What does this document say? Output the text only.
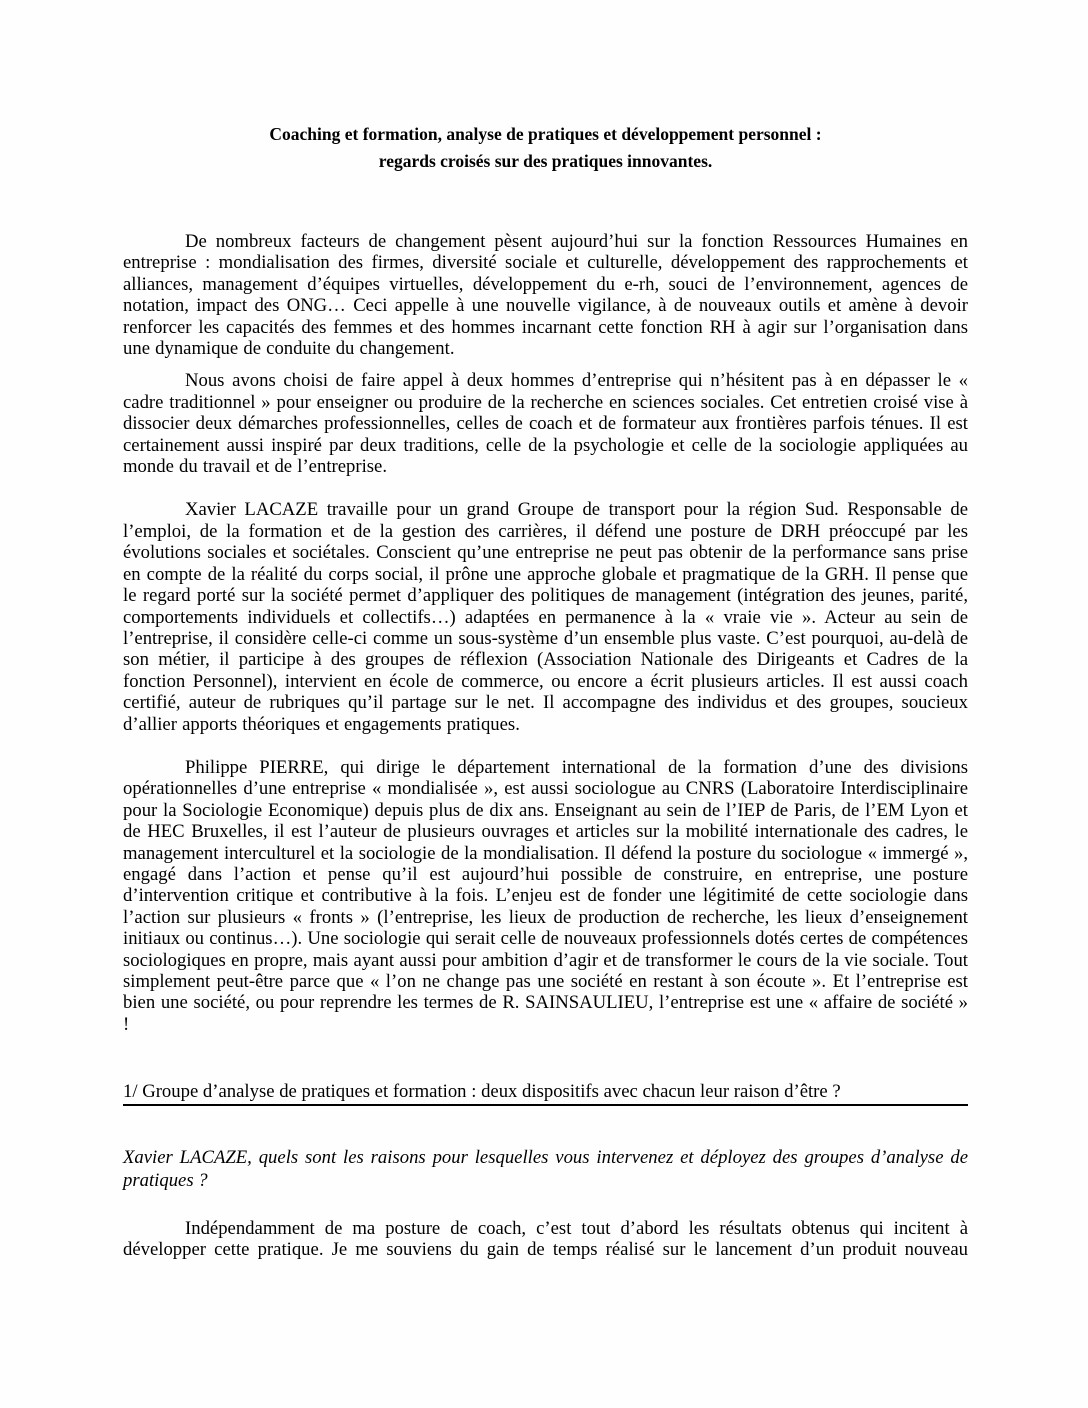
Coaching et formation, analyse de pratiques et développement personnel :
regards croisés sur des pratiques innovantes.

De nombreux facteurs de changement pèsent aujourd’hui sur la fonction Ressources Humaines en entreprise : mondialisation des firmes, diversité sociale et culturelle, développement des rapprochements et alliances, management d’équipes virtuelles, développement du e-rh, souci de l’environnement, agences de notation, impact des ONG… Ceci appelle à une nouvelle vigilance, à de nouveaux outils et amène à devoir renforcer les capacités des femmes et des hommes incarnant cette fonction RH à agir sur l’organisation dans une dynamique de conduite du changement.

Nous avons choisi de faire appel à deux hommes d’entreprise qui n’hésitent pas à en dépasser le « cadre traditionnel » pour enseigner ou produire de la recherche en sciences sociales. Cet entretien croisé vise à dissocier deux démarches professionnelles, celles de coach et de formateur aux frontières parfois ténues. Il est certainement aussi inspiré par deux traditions, celle de la psychologie et celle de la sociologie appliquées au monde du travail et de l’entreprise.

Xavier LACAZE travaille pour un grand Groupe de transport pour la région Sud. Responsable de l’emploi, de la formation et de la gestion des carrières, il défend une posture de DRH préoccupé par les évolutions sociales et sociétales. Conscient qu’une entreprise ne peut pas obtenir de la performance sans prise en compte de la réalité du corps social, il prône une approche globale et pragmatique de la GRH. Il pense que le regard porté sur la société permet d’appliquer des politiques de management (intégration des jeunes, parité, comportements individuels et collectifs…) adaptées en permanence à la « vraie vie ». Acteur au sein de l’entreprise, il considère celle-ci comme un sous-système d’un ensemble plus vaste. C’est pourquoi, au-delà de son métier, il participe à des groupes de réflexion (Association Nationale des Dirigeants et Cadres de la fonction Personnel), intervient en école de commerce, ou encore a écrit plusieurs articles. Il est aussi coach certifié, auteur de rubriques qu’il partage sur le net. Il accompagne des individus et des groupes, soucieux d’allier apports théoriques et engagements pratiques.

Philippe PIERRE, qui dirige le département international de la formation d’une des divisions opérationnelles d’une entreprise « mondialisée », est aussi sociologue au CNRS (Laboratoire Interdisciplinaire pour la Sociologie Economique) depuis plus de dix ans. Enseignant au sein de l’IEP de Paris, de l’EM Lyon et de HEC Bruxelles, il est l’auteur de plusieurs ouvrages et articles sur la mobilité internationale des cadres, le management interculturel et la sociologie de la mondialisation. Il défend la posture du sociologue « immergé », engagé dans l’action et pense qu’il est aujourd’hui possible de construire, en entreprise, une posture d’intervention critique et contributive à la fois. L’enjeu est de fonder une légitimité de cette sociologie dans l’action sur plusieurs « fronts » (l’entreprise, les lieux de production de recherche, les lieux d’enseignement initiaux ou continus…). Une sociologie qui serait celle de nouveaux professionnels dotés certes de compétences sociologiques en propre, mais ayant aussi pour ambition d’agir et de transformer le cours de la vie sociale. Tout simplement peut-être parce que « l’on ne change pas une société en restant à son écoute ». Et l’entreprise est bien une société, ou pour reprendre les termes de R. SAINSAULIEU, l’entreprise est une « affaire de société » !

1/ Groupe d’analyse de pratiques et formation : deux dispositifs avec chacun leur raison d’être ?

Xavier LACAZE, quels sont les raisons pour lesquelles vous intervenez et déployez des groupes d’analyse de pratiques ?

Indépendamment de ma posture de coach, c’est tout d’abord les résultats obtenus qui incitent à développer cette pratique. Je me souviens du gain de temps réalisé sur le lancement d’un produit nouveau
